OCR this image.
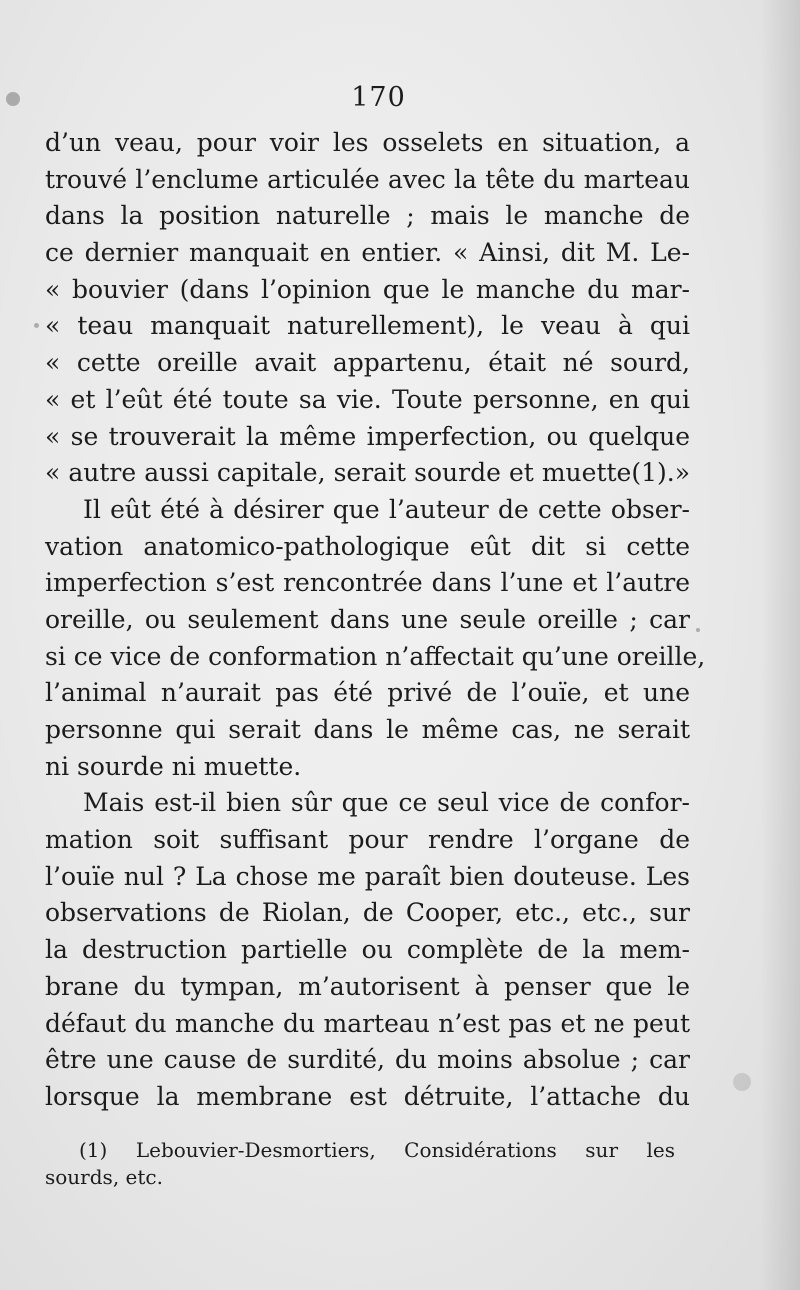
170
d’un veau, pour voir les osselets en situation, a
trouvé l’enclume articulée avec la tête du marteau
dans la position naturelle ; mais le manche de
ce dernier manquait en entier. « Ainsi, dit M. Le-
« bouvier (dans l’opinion que le manche du mar-
« teau manquait naturellement), le veau à qui
« cette oreille avait appartenu, était né sourd,
« et l’eût été toute sa vie. Toute personne, en qui
« se trouverait la même imperfection, ou quelque
« autre aussi capitale, serait sourde et muette(1).»
Il eût été à désirer que l’auteur de cette obser-
vation anatomico-pathologique eût dit si cette
imperfection s’est rencontrée dans l’une et l’autre
oreille, ou seulement dans une seule oreille ; car
si ce vice de conformation n’affectait qu’une oreille,
l’animal n’aurait pas été privé de l’ouïe, et une
personne qui serait dans le même cas, ne serait
ni sourde ni muette.
Mais est-il bien sûr que ce seul vice de confor-
mation soit suffisant pour rendre l’organe de
l’ouïe nul ? La chose me paraît bien douteuse. Les
observations de Riolan, de Cooper, etc., etc., sur
la destruction partielle ou complète de la mem-
brane du tympan, m’autorisent à penser que le
défaut du manche du marteau n’est pas et ne peut
être une cause de surdité, du moins absolue ; car
lorsque la membrane est détruite, l’attache du
(1) Lebouvier-Desmortiers, Considérations sur les
sourds, etc.
